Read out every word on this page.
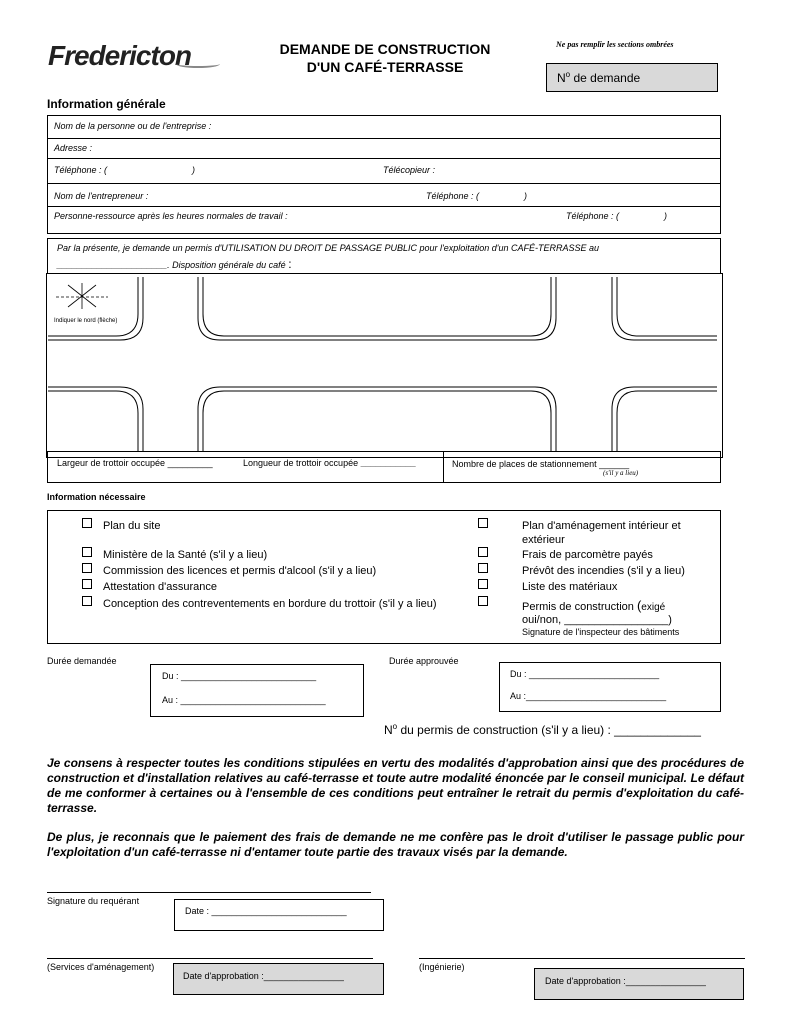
Fredericton	DEMANDE DE CONSTRUCTION
D'UN CAFÉ-TERRASSE
Ne pas remplir les sections ombrées
$N^o$ de demande
Information générale
Nom de la personne ou de l'entreprise :
Adresse :
Téléphone : (	)	Télécopieur :
Nom de l'entrepreneur :	Téléphone : (	)
Personne-ressource après les heures normales de travail :	Téléphone : (	)
Par la présente, je demande un permis d'UTILISATION DU DROIT DE PASSAGE PUBLIC pour l'exploitation d'un CAFÉ-TERRASSE au
______________________. Disposition générale du café :
Indiquer le nord (flèche)
Largeur de trottoir occupée _________	Longueur de trottoir occupée ___________	Nombre de places de stationnement ______
(s'il y a lieu)
Information nécessaire
Plan du site
Ministère de la Santé (s'il y a lieu)
Commission des licences et permis d'alcool (s'il y a lieu)
Attestation d'assurance
Conception des contreventements en bordure du trottoir (s'il y a lieu)
Plan d'aménagement intérieur et
extérieur
Frais de parcomètre payés
Prévôt des incendies (s'il y a lieu)
Liste des matériaux
Permis de construction (exigé
oui/non, _________________)
Signature de l'inspecteur des bâtiments
Durée demandée	Durée approuvée
Du : ___________________________
Au : _____________________________
Du : __________________________
Au :____________________________
$N^o$ du permis de construction (s'il y a lieu) : _____________
Je consens à respecter toutes les conditions stipulées en vertu des modalités d'approbation ainsi que des procédures de construction et d'installation relatives au café-terrasse et toute autre modalité énoncée par le conseil municipal. Le défaut de me conformer à certaines ou à l'ensemble de ces conditions peut entraîner le retrait du permis d'exploitation du café-terrasse.
De plus, je reconnais que le paiement des frais de demande ne me confère pas le droit d'utiliser le passage public pour l'exploitation d'un café-terrasse ni d'entamer toute partie des travaux visés par la demande.
Signature du requérant
Date : ___________________________
(Services d'aménagement)	(Ingénierie)
Date d'approbation :________________	Date d'approbation :________________
